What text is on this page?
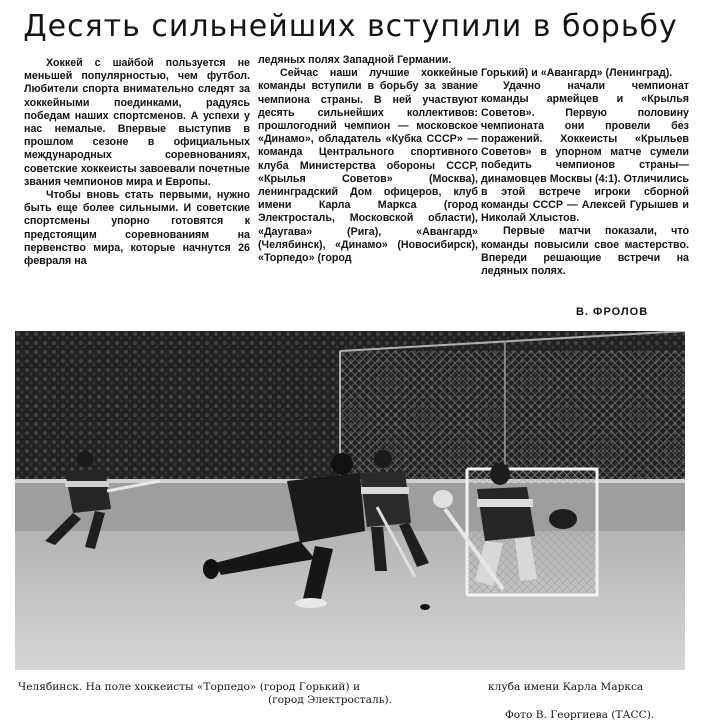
Десять сильнейших вступили в борьбу

Хоккей с шайбой пользуется не меньшей популярностью, чем футбол. Любители спорта внимательно следят за хоккейными поединками, радуясь победам наших спортсменов. А успехи у нас немалые. Впервые выступив в прошлом сезоне в официальных международных соревнованиях, советские хоккеисты завоевали почетные звания чемпионов мира и Европы.

Чтобы вновь стать первыми, нужно быть еще более сильными. И советские спортсмены упорно готовятся к предстоящим соревнованиям на первенство мира, которые начнутся 26 февраля на

ледяных полях Западной Германии.

Сейчас наши лучшие хоккейные команды вступили в борьбу за звание чемпиона страны. В ней участвуют десять сильнейших коллективов: прошлогодний чемпион — московское «Динамо», обладатель «Кубка СССР» — команда Центрального спортивного клуба Министерства обороны СССР, «Крылья Советов» (Москва), ленинградский Дом офицеров, клуб имени Карла Маркса (город Электросталь, Московской области), «Даугава» (Рига), «Авангард» (Челябинск), «Динамо» (Новосибирск), «Торпедо» (город

Горький) и «Авангард» (Ленинград).

Удачно начали чемпионат команды армейцев и «Крылья Советов». Первую половину чемпионата они провели без поражений. Хоккеисты «Крыльев Советов» в упорном матче сумели победить чемпионов страны—динамовцев Москвы (4:1). Отличились в этой встрече игроки сборной команды СССР — Алексей Гурышев и Николай Хлыстов.

Первые матчи показали, что команды повысили свое мастерство. Впереди решающие встречи на ледяных полях.

В. ФРОЛОВ
Челябинск. На поле хоккеисты «Торпедо» (город Горький) и	клуба имени Карла Маркса
(город Электросталь).
Фото В. Георгиева (ТАСС).
